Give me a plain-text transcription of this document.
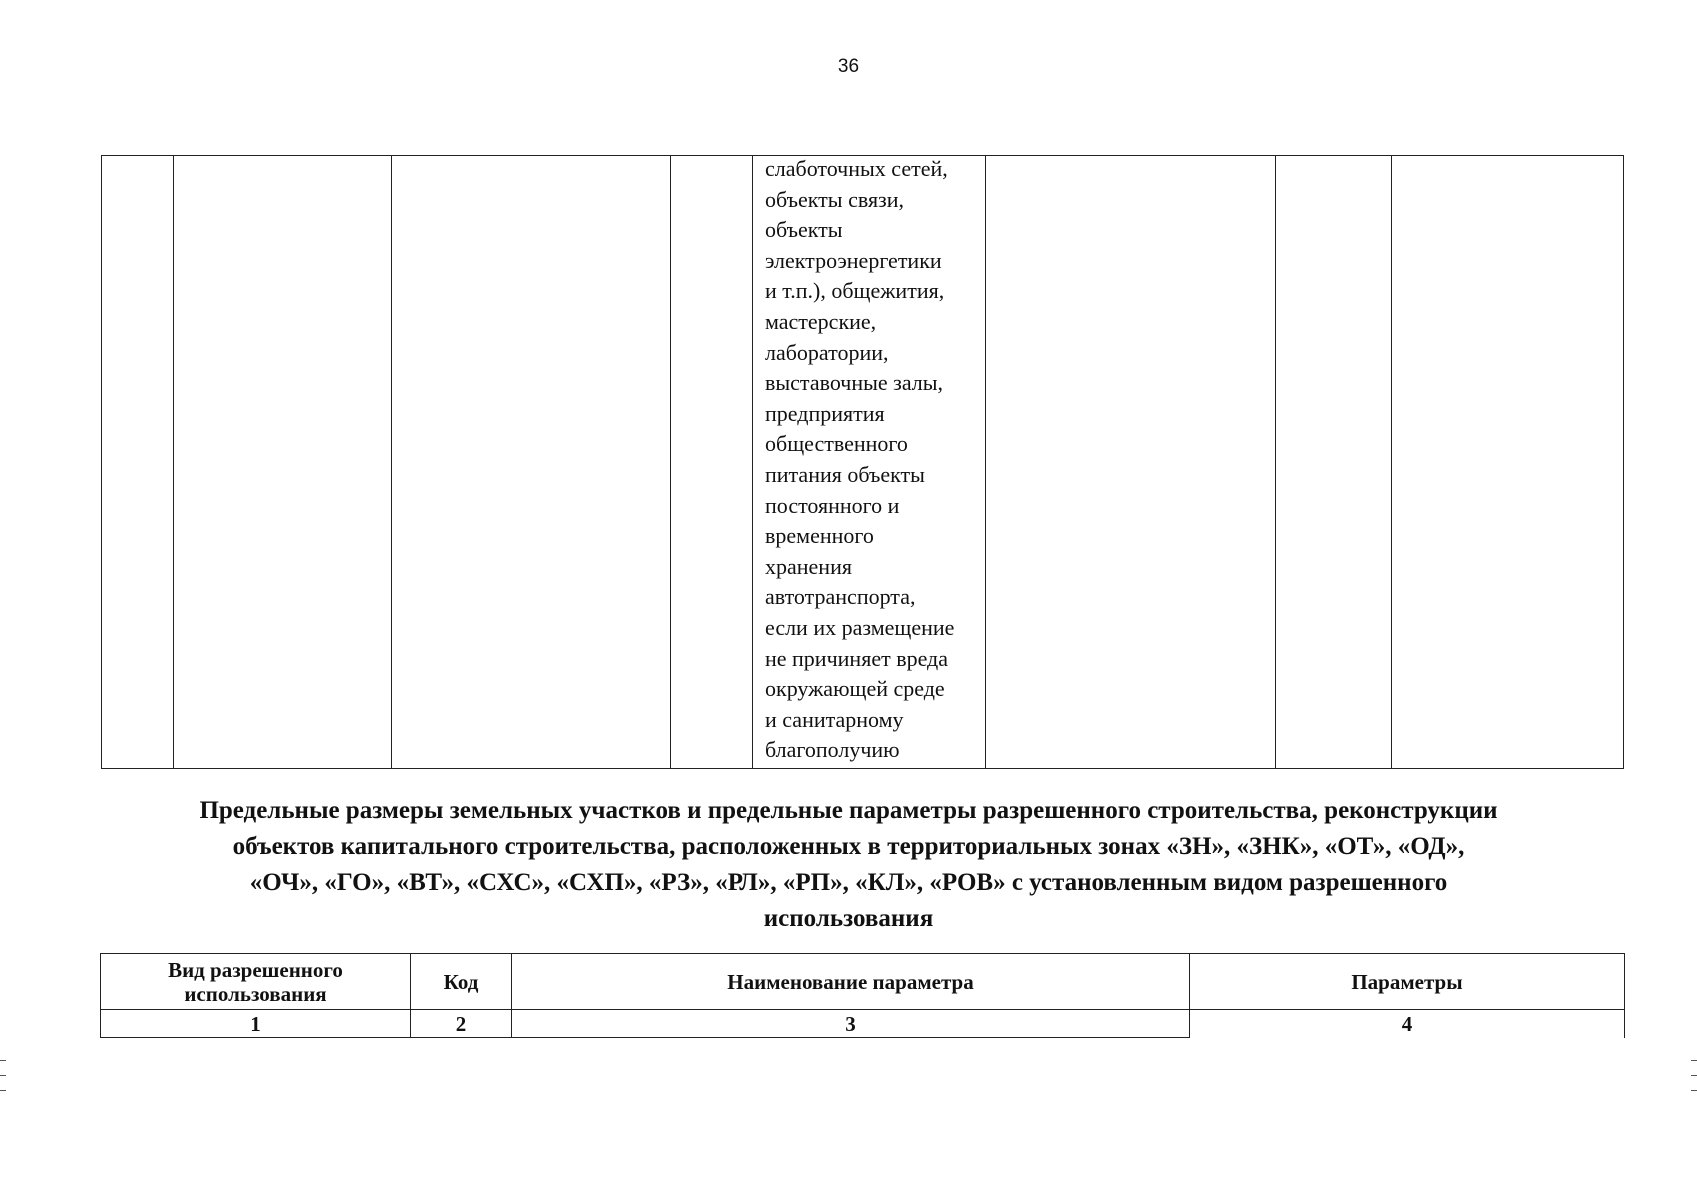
36

слаботочных сетей,
объекты связи,
объекты
электроэнергетики
и т.п.), общежития,
мастерские,
лаборатории,
выставочные залы,
предприятия
общественного
питания объекты
постоянного и
временного
хранения
автотранспорта,
если их размещение
не причиняет вреда
окружающей среде
и санитарному
благополучию

Предельные размеры земельных участков и предельные параметры разрешенного строительства, реконструкции
объектов капитального строительства, расположенных в территориальных зонах «ЗН», «ЗНК», «ОТ», «ОД»,
«ОЧ», «ГО», «ВТ», «СХС», «СХП», «РЗ», «РЛ», «РП», «КЛ», «РОВ» с установленным видом разрешенного
использования
Вид разрешенного
использования	Код	Наименование параметра	Параметры
1	2	3	4
